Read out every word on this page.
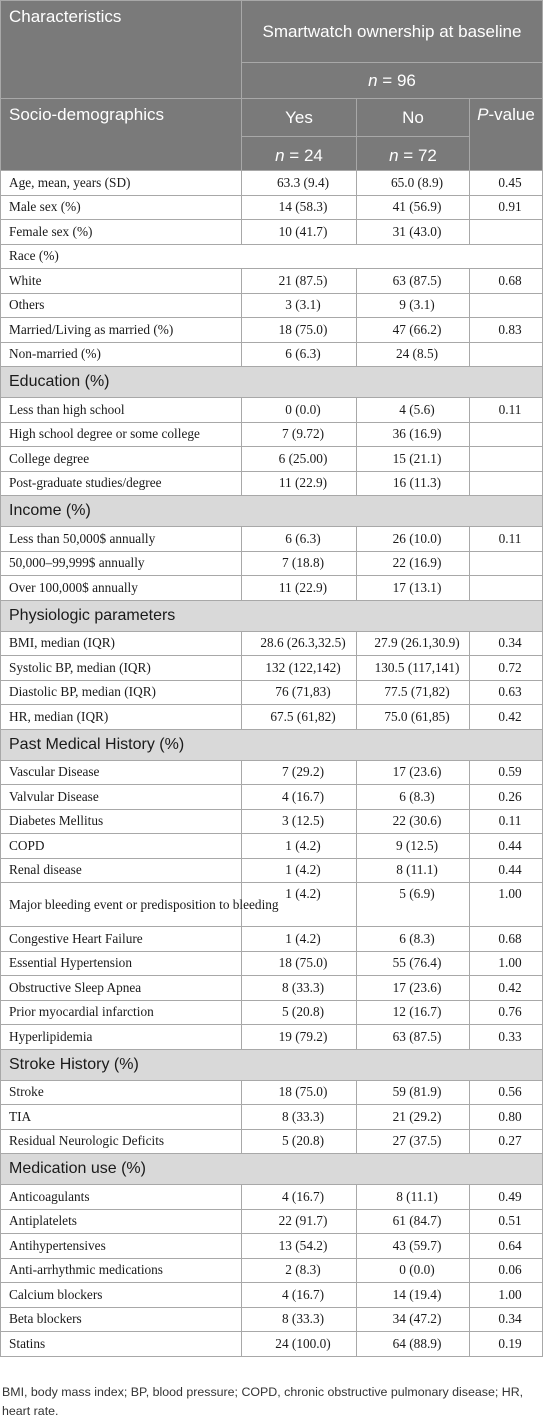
Characteristics	Smartwatch ownership at baseline		
	n = 96		
Socio-demographics	Yes	No	P-value
	n = 24	n = 72	
Age, mean, years (SD)	63.3 (9.4)	65.0 (8.9)	0.45
Male sex (%)	14 (58.3)	41 (56.9)	0.91
Female sex (%)	10 (41.7)	31 (43.0)	
Race (%)			
White	21 (87.5)	63 (87.5)	0.68
Others	3 (3.1)	9 (3.1)	
Married/Living as married (%)	18 (75.0)	47 (66.2)	0.83
Non-married (%)	6 (6.3)	24 (8.5)	
Education (%)			
Less than high school	0 (0.0)	4 (5.6)	0.11
High school degree or some college	7 (9.72)	36 (16.9)	
College degree	6 (25.00)	15 (21.1)	
Post-graduate studies/degree	11 (22.9)	16 (11.3)	
Income (%)			
Less than 50,000$ annually	6 (6.3)	26 (10.0)	0.11
50,000–99,999$ annually	7 (18.8)	22 (16.9)	
Over 100,000$ annually	11 (22.9)	17 (13.1)	
Physiologic parameters			
BMI, median (IQR)	28.6 (26.3,32.5)	27.9 (26.1,30.9)	0.34
Systolic BP, median (IQR)	132 (122,142)	130.5 (117,141)	0.72
Diastolic BP, median (IQR)	76 (71,83)	77.5 (71,82)	0.63
HR, median (IQR)	67.5 (61,82)	75.0 (61,85)	0.42
Past Medical History (%)			
Vascular Disease	7 (29.2)	17 (23.6)	0.59
Valvular Disease	4 (16.7)	6 (8.3)	0.26
Diabetes Mellitus	3 (12.5)	22 (30.6)	0.11
COPD	1 (4.2)	9 (12.5)	0.44
Renal disease	1 (4.2)	8 (11.1)	0.44
Major bleeding event or predisposition to bleeding	1 (4.2)	5 (6.9)	1.00
Congestive Heart Failure	1 (4.2)	6 (8.3)	0.68
Essential Hypertension	18 (75.0)	55 (76.4)	1.00
Obstructive Sleep Apnea	8 (33.3)	17 (23.6)	0.42
Prior myocardial infarction	5 (20.8)	12 (16.7)	0.76
Hyperlipidemia	19 (79.2)	63 (87.5)	0.33
Stroke History (%)			
Stroke	18 (75.0)	59 (81.9)	0.56
TIA	8 (33.3)	21 (29.2)	0.80
Residual Neurologic Deficits	5 (20.8)	27 (37.5)	0.27
Medication use (%)			
Anticoagulants	4 (16.7)	8 (11.1)	0.49
Antiplatelets	22 (91.7)	61 (84.7)	0.51
Antihypertensives	13 (54.2)	43 (59.7)	0.64
Anti-arrhythmic medications	2 (8.3)	0 (0.0)	0.06
Calcium blockers	4 (16.7)	14 (19.4)	1.00
Beta blockers	8 (33.3)	34 (47.2)	0.34
Statins	24 (100.0)	64 (88.9)	0.19
BMI, body mass index; BP, blood pressure; COPD, chronic obstructive pulmonary disease; HR, heart rate.
